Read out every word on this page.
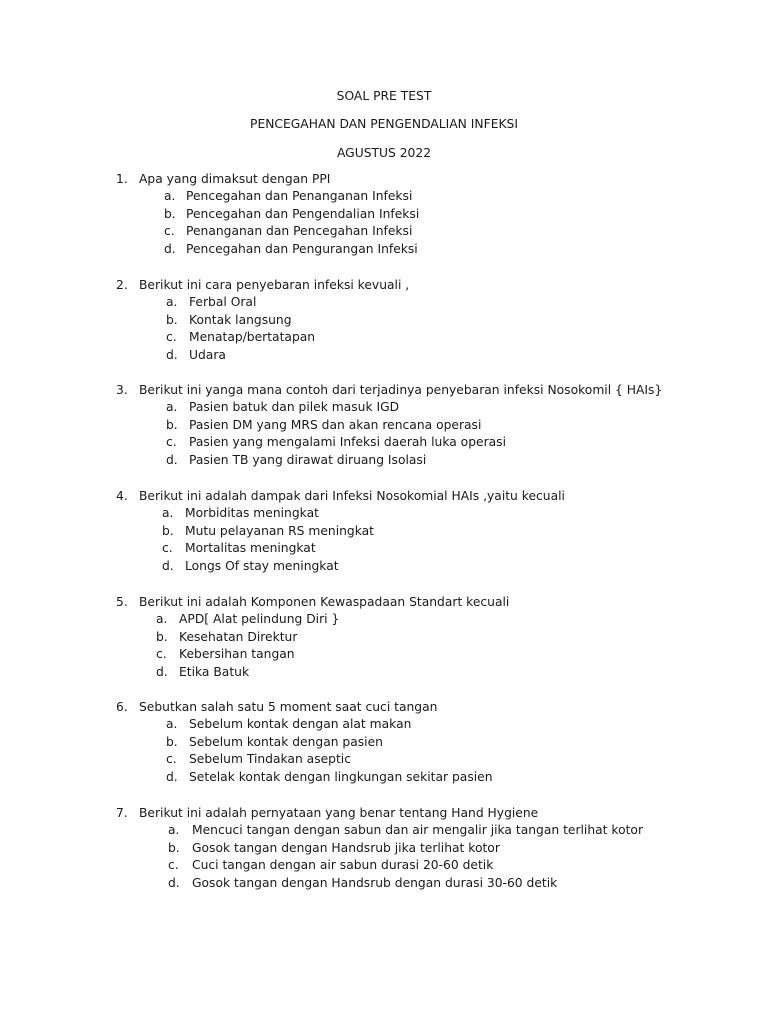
SOAL PRE TEST
PENCEGAHAN DAN PENGENDALIAN INFEKSI
AGUSTUS 2022
1. Apa yang dimaksut dengan PPI
a. Pencegahan dan Penanganan Infeksi
b. Pencegahan dan Pengendalian Infeksi
c. Penanganan dan Pencegahan Infeksi
d. Pencegahan dan Pengurangan Infeksi
2. Berikut ini cara penyebaran infeksi kevuali ,
a. Ferbal Oral
b. Kontak langsung
c. Menatap/bertatapan
d. Udara
3. Berikut ini yanga mana contoh dari terjadinya penyebaran infeksi Nosokomil { HAIs}
a. Pasien batuk dan pilek masuk IGD
b. Pasien DM yang MRS dan akan rencana operasi
c. Pasien yang mengalami Infeksi daerah luka operasi
d. Pasien TB yang dirawat diruang Isolasi
4. Berikut ini adalah dampak dari Infeksi Nosokomial HAIs ,yaitu kecuali
a. Morbiditas meningkat
b. Mutu pelayanan RS meningkat
c. Mortalitas meningkat
d. Longs Of stay meningkat
5. Berikut ini adalah Komponen Kewaspadaan Standart kecuali
a. APD[ Alat pelindung Diri }
b. Kesehatan Direktur
c. Kebersihan tangan
d. Etika Batuk
6. Sebutkan salah satu 5 moment saat cuci tangan
a. Sebelum kontak dengan alat makan
b. Sebelum kontak dengan pasien
c. Sebelum Tindakan aseptic
d. Setelak kontak dengan lingkungan sekitar pasien
7. Berikut ini adalah pernyataan yang benar tentang Hand Hygiene
a. Mencuci tangan dengan sabun dan air mengalir jika tangan terlihat kotor
b. Gosok tangan dengan Handsrub jika terlihat kotor
c. Cuci tangan dengan air sabun durasi 20-60 detik
d. Gosok tangan dengan Handsrub dengan durasi 30-60 detik
